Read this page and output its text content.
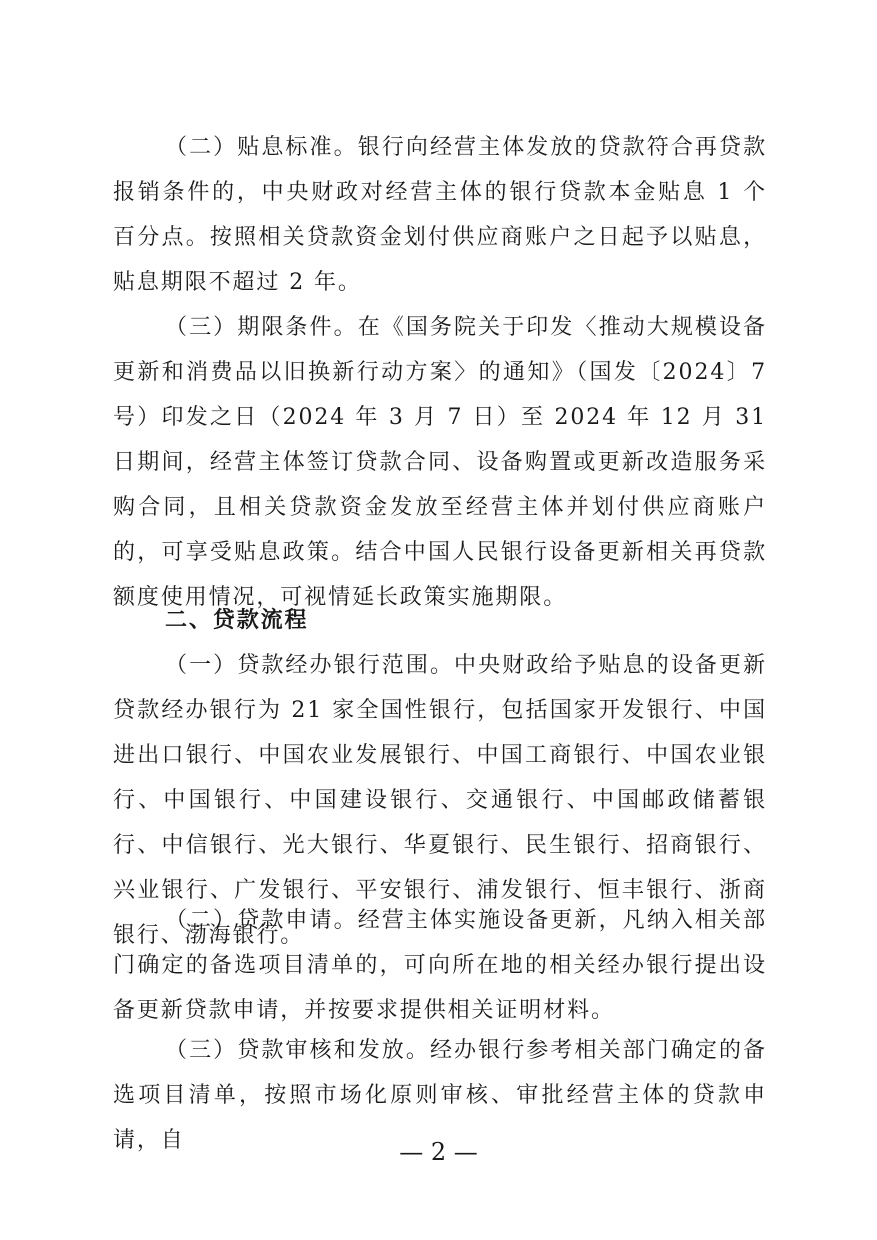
（二）贴息标准。银行向经营主体发放的贷款符合再贷款报销条件的，中央财政对经营主体的银行贷款本金贴息 1 个百分点。按照相关贷款资金划付供应商账户之日起予以贴息，贴息期限不超过 2 年。

（三）期限条件。在《国务院关于印发〈推动大规模设备更新和消费品以旧换新行动方案〉的通知》（国发〔2024〕7 号）印发之日（2024 年 3 月 7 日）至 2024 年 12 月 31 日期间，经营主体签订贷款合同、设备购置或更新改造服务采购合同，且相关贷款资金发放至经营主体并划付供应商账户的，可享受贴息政策。结合中国人民银行设备更新相关再贷款额度使用情况，可视情延长政策实施期限。

二、贷款流程

（一）贷款经办银行范围。中央财政给予贴息的设备更新贷款经办银行为 21 家全国性银行，包括国家开发银行、中国进出口银行、中国农业发展银行、中国工商银行、中国农业银行、中国银行、中国建设银行、交通银行、中国邮政储蓄银行、中信银行、光大银行、华夏银行、民生银行、招商银行、兴业银行、广发银行、平安银行、浦发银行、恒丰银行、浙商银行、渤海银行。

（二）贷款申请。经营主体实施设备更新，凡纳入相关部门确定的备选项目清单的，可向所在地的相关经办银行提出设备更新贷款申请，并按要求提供相关证明材料。

（三）贷款审核和发放。经办银行参考相关部门确定的备选项目清单，按照市场化原则审核、审批经营主体的贷款申请，自	— 2 —
